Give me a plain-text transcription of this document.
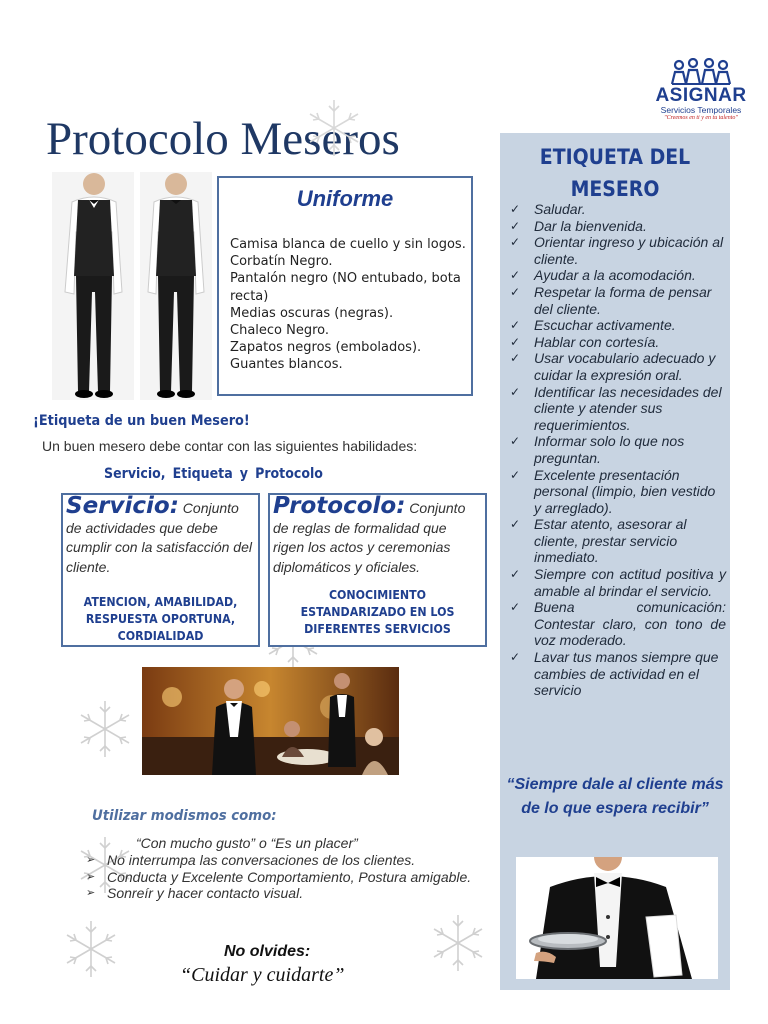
ASIGNAR
Servicios Temporales
"Creemos en ti y en tu talento"
Protocolo Meseros
Uniforme
Camisa blanca de cuello y sin logos.
Corbatín Negro.
Pantalón negro (NO entubado, bota recta)
Medias oscuras (negras).
Chaleco Negro.
Zapatos negros (embolados).
Guantes blancos.
ETIQUETA DEL
MESERO
✓ Saludar.
✓ Dar la bienvenida.
✓ Orientar ingreso y ubicación al cliente.
✓ Ayudar a la acomodación.
✓ Respetar la forma de pensar del cliente.
✓ Escuchar activamente.
✓ Hablar con cortesía.
✓ Usar vocabulario adecuado y cuidar la expresión oral.
✓ Identificar las necesidades del cliente y atender sus requerimientos.
✓ Informar solo lo que nos preguntan.
✓ Excelente presentación personal (limpio, bien vestido y arreglado).
✓ Estar atento, asesorar al cliente, prestar servicio inmediato.
✓ Siempre con actitud positiva y amable al brindar el servicio.
✓ Buena comunicación: Contestar claro, con tono de voz moderado.
✓ Lavar tus manos siempre que cambies de actividad en el servicio
“Siempre dale al cliente más de lo que espera recibir”
¡Etiqueta de un buen Mesero!
Un buen mesero debe contar con las siguientes habilidades:
Servicio, Etiqueta y Protocolo
Servicio: Conjunto de actividades que debe cumplir con la satisfacción del cliente.
ATENCION, AMABILIDAD, RESPUESTA OPORTUNA, CORDIALIDAD
Protocolo: Conjunto de reglas de formalidad que rigen los actos y ceremonias diplomáticos y oficiales.
CONOCIMIENTO ESTANDARIZADO EN LOS DIFERENTES SERVICIOS
Utilizar modismos como:
“Con mucho gusto” o “Es un placer”
➢ No interrumpa las conversaciones de los clientes.
➢ Conducta y Excelente Comportamiento, Postura amigable.
➢ Sonreír y hacer contacto visual.
No olvides:
“Cuidar y cuidarte”
